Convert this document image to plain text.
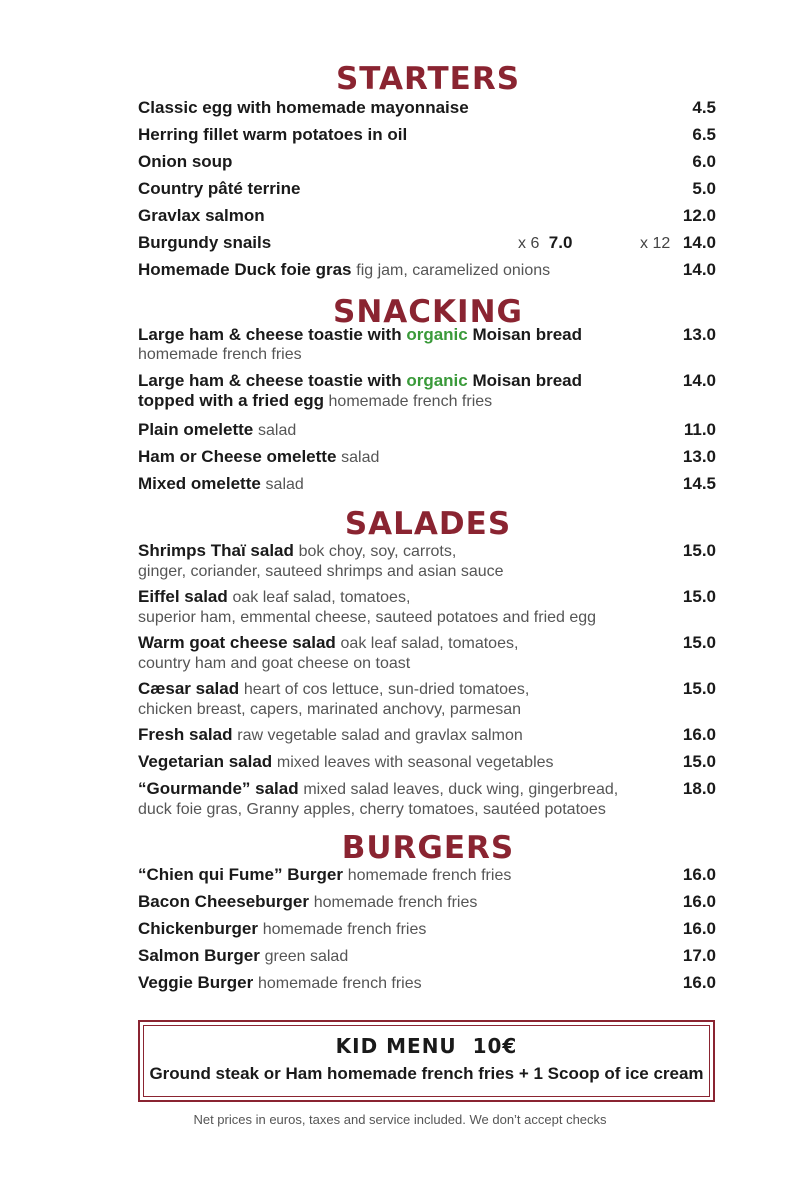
STARTERS
Classic egg with homemade mayonnaise	4.5
Herring fillet warm potatoes in oil	6.5
Onion soup	6.0
Country pâté terrine	5.0
Gravlax salmon	12.0
Burgundy snails	x 6 7.0	x 12 14.0
Homemade Duck foie gras fig jam, caramelized onions	14.0
SNACKING
Large ham & cheese toastie with organic Moisan bread
homemade french fries
13.0
Large ham & cheese toastie with organic Moisan bread
topped with a fried egg homemade french fries
14.0
Plain omelette salad	11.0
Ham or Cheese omelette salad	13.0
Mixed omelette salad	14.5
SALADES
Shrimps Thaï salad bok choy, soy, carrots,
ginger, coriander, sauteed shrimps and asian sauce
15.0
Eiffel salad oak leaf salad, tomatoes,
superior ham, emmental cheese, sauteed potatoes and fried egg
15.0
Warm goat cheese salad oak leaf salad, tomatoes,
country ham and goat cheese on toast
15.0
Cæsar salad heart of cos lettuce, sun-dried tomatoes,
chicken breast, capers, marinated anchovy, parmesan
15.0
Fresh salad raw vegetable salad and gravlax salmon	16.0
Vegetarian salad mixed leaves with seasonal vegetables	15.0
“Gourmande” salad mixed salad leaves, duck wing, gingerbread,
duck foie gras, Granny apples, cherry tomatoes, sautéed potatoes
18.0
BURGERS
“Chien qui Fume” Burger homemade french fries	16.0
Bacon Cheeseburger homemade french fries	16.0
Chickenburger homemade french fries	16.0
Salmon Burger green salad	17.0
Veggie Burger homemade french fries	16.0
KID MENU  10€
Ground steak or Ham homemade french fries + 1 Scoop of ice cream
Net prices in euros, taxes and service included. We don’t accept checks
